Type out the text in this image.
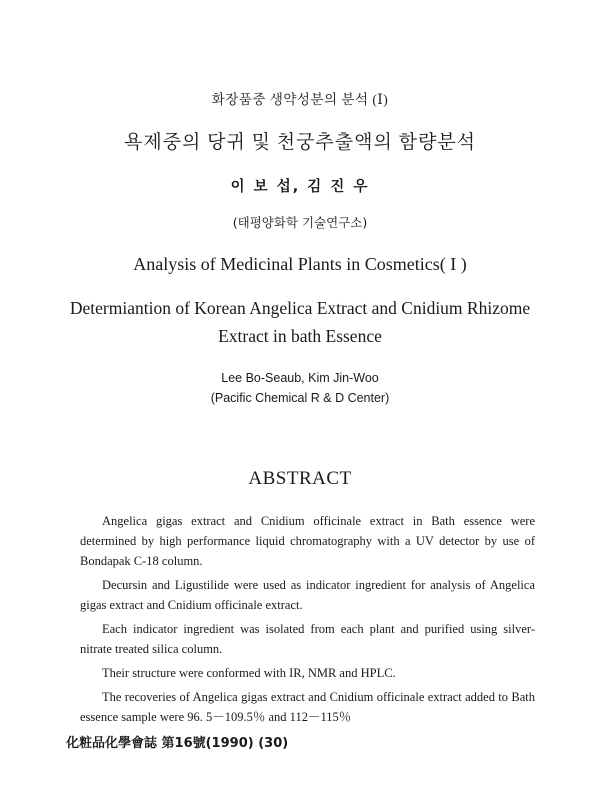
화장품중 생약성분의 분석 (Ⅰ)
욕제중의 당귀 및 천궁추출액의 함량분석
이 보 섭, 김 진 우
(태평양화학 기술연구소)
Analysis of Medicinal Plants in Cosmetics( I )
Determiantion of Korean Angelica Extract and Cnidium Rhizome
Extract in bath Essence
Lee Bo-Seaub, Kim Jin-Woo
(Pacific Chemical R & D Center)
ABSTRACT

Angelica gigas extract and Cnidium officinale extract in Bath essence were determined by high performance liquid chromatography with a UV detector by use of Bondapak C-18 column.

Decursin and Ligustilide were used as indicator ingredient for analysis of Angelica gigas extract and Cnidium officinale extract.

Each indicator ingredient was isolated from each plant and purified using silver-nitrate treated silica column.

Their structure were conformed with IR, NMR and HPLC.

The recoveries of Angelica gigas extract and Cnidium officinale extract added to Bath essence sample were 96. 5－109.5％ and 112－115％

化粧品化學會誌 第16號(1990) (30)
